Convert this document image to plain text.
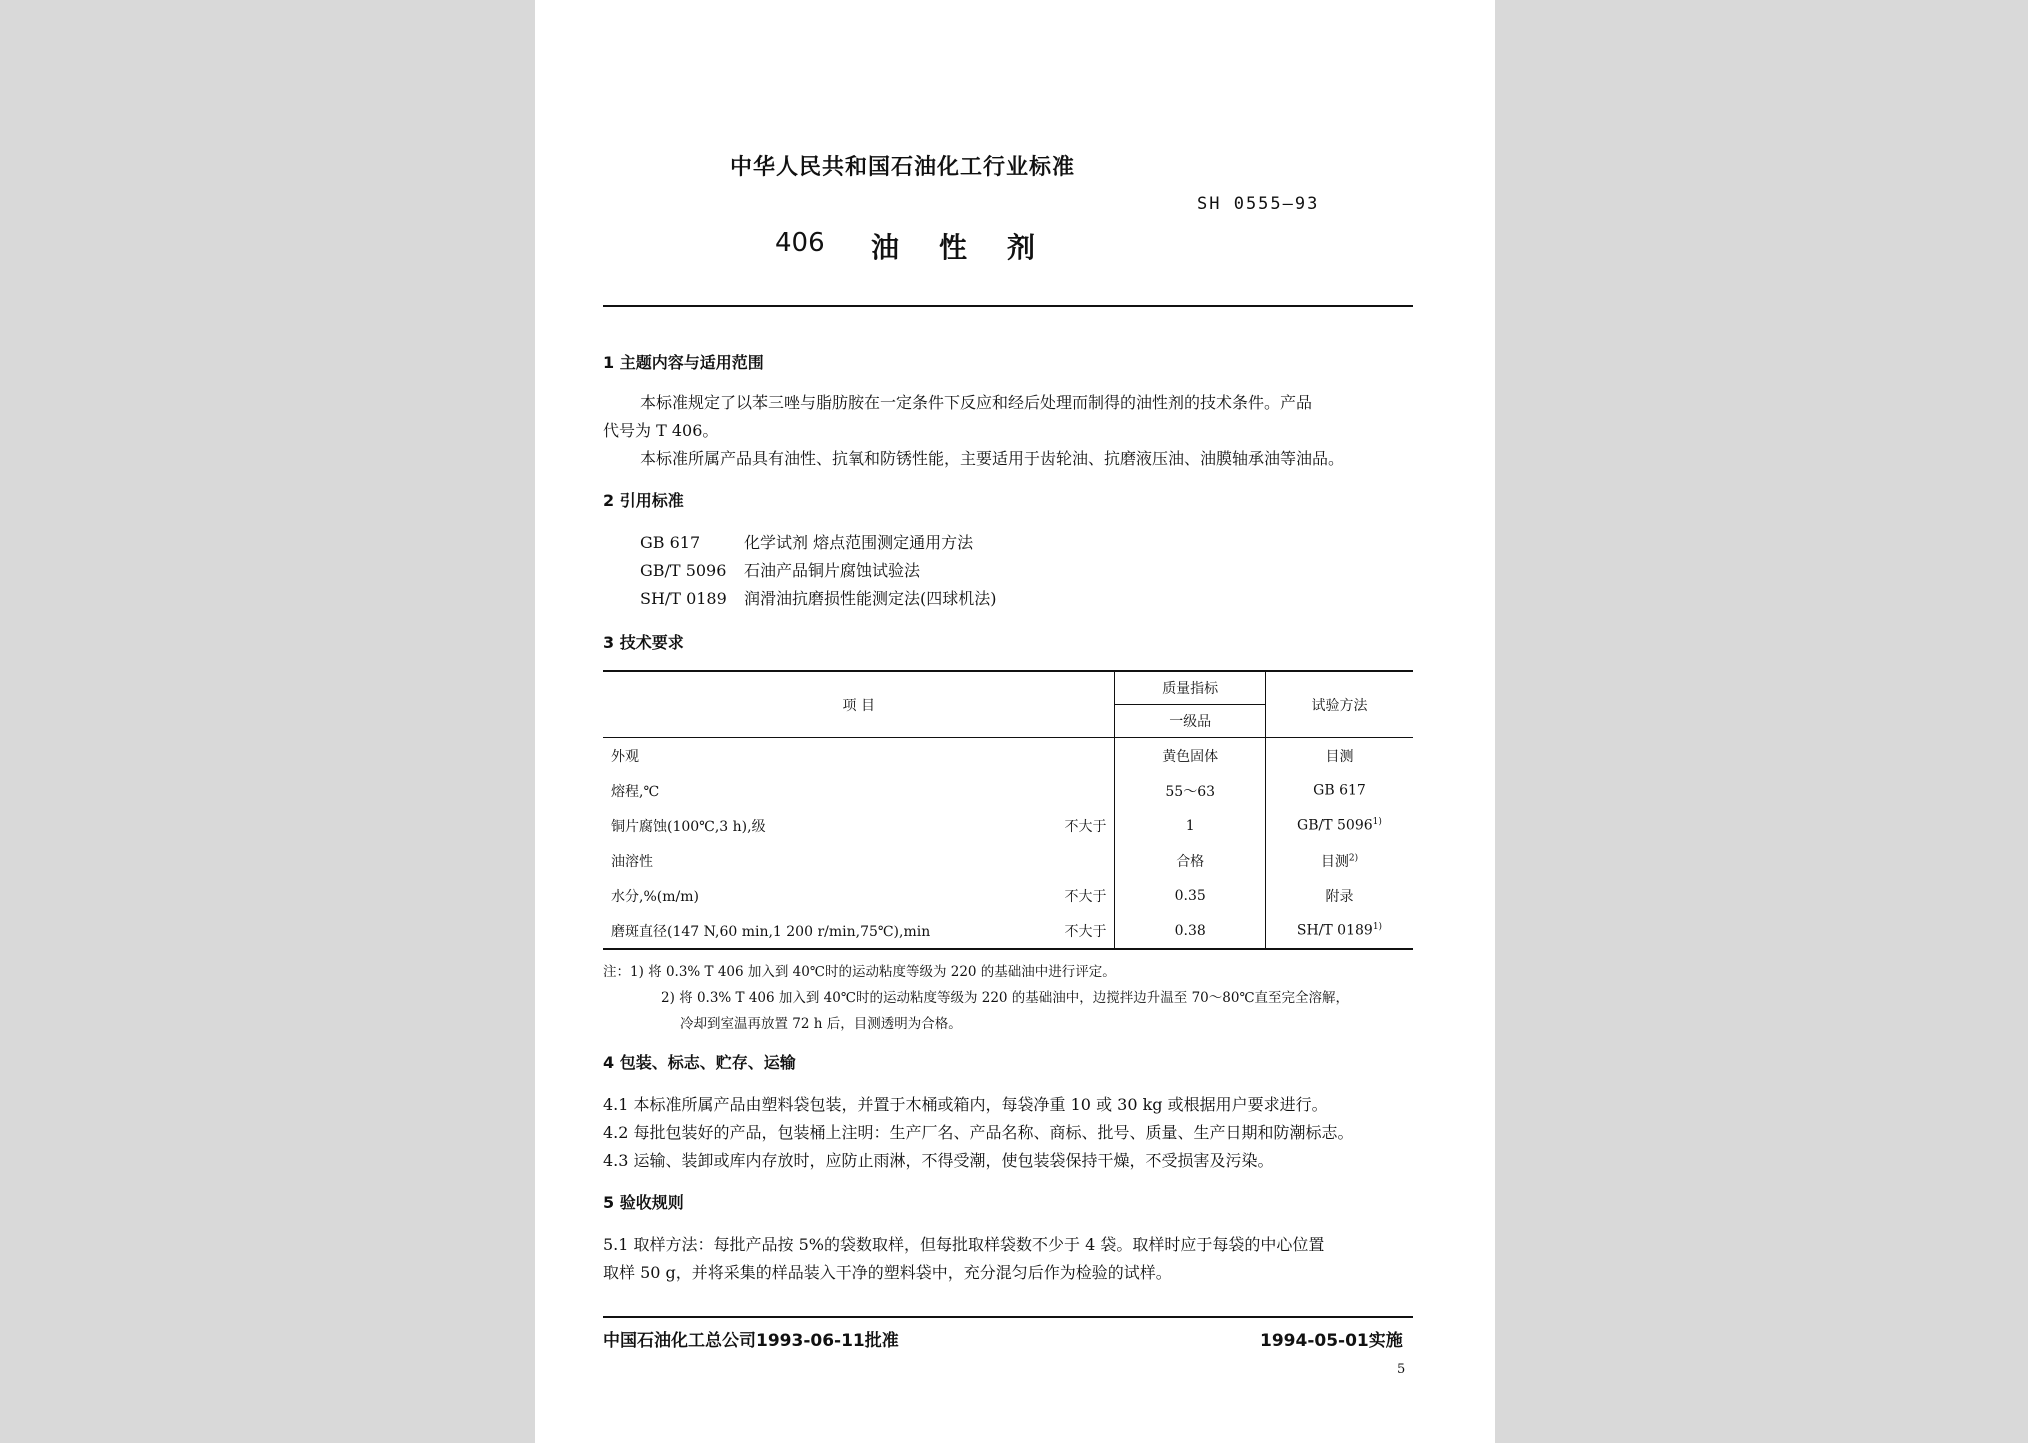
中华人民共和国石油化工行业标准
SH 0555—93
406 油性剂
1 主题内容与适用范围
本标准规定了以苯三唑与脂肪胺在一定条件下反应和经后处理而制得的油性剂的技术条件。产品
代号为 T 406。
本标准所属产品具有油性、抗氧和防锈性能，主要适用于齿轮油、抗磨液压油、油膜轴承油等油品。
2 引用标准
GB 617	化学试剂 熔点范围测定通用方法
GB/T 5096 石油产品铜片腐蚀试验法
SH/T 0189 润滑油抗磨损性能测定法(四球机法)
3 技术要求
项 目		质量指标	试验方法
		一级品	
外观		黄色固体	目测
熔程,℃		55～63	GB 617
铜片腐蚀(100℃,3 h),级	不大于	1	GB/T 5096$^{1)}$
油溶性		合格	目测$^{2)}$
水分,%(m/m)	不大于	0.35	附录
磨斑直径(147 N,60 min,1 200 r/min,75℃),min	不大于	0.38	SH/T 0189$^{1)}$
注：1) 将 0.3% T 406 加入到 40℃时的运动粘度等级为 220 的基础油中进行评定。
2) 将 0.3% T 406 加入到 40℃时的运动粘度等级为 220 的基础油中，边搅拌边升温至 70～80℃直至完全溶解，
冷却到室温再放置 72 h 后，目测透明为合格。
4 包装、标志、贮存、运输
4.1 本标准所属产品由塑料袋包装，并置于木桶或箱内，每袋净重 10 或 30 kg 或根据用户要求进行。
4.2 每批包装好的产品，包装桶上注明：生产厂名、产品名称、商标、批号、质量、生产日期和防潮标志。
4.3 运输、装卸或库内存放时，应防止雨淋，不得受潮，使包装袋保持干燥，不受损害及污染。
5 验收规则
5.1 取样方法：每批产品按 5%的袋数取样，但每批取样袋数不少于 4 袋。取样时应于每袋的中心位置
取样 50 g，并将采集的样品装入干净的塑料袋中，充分混匀后作为检验的试样。
中国石油化工总公司1993-06-11批准	1994-05-01实施
5
